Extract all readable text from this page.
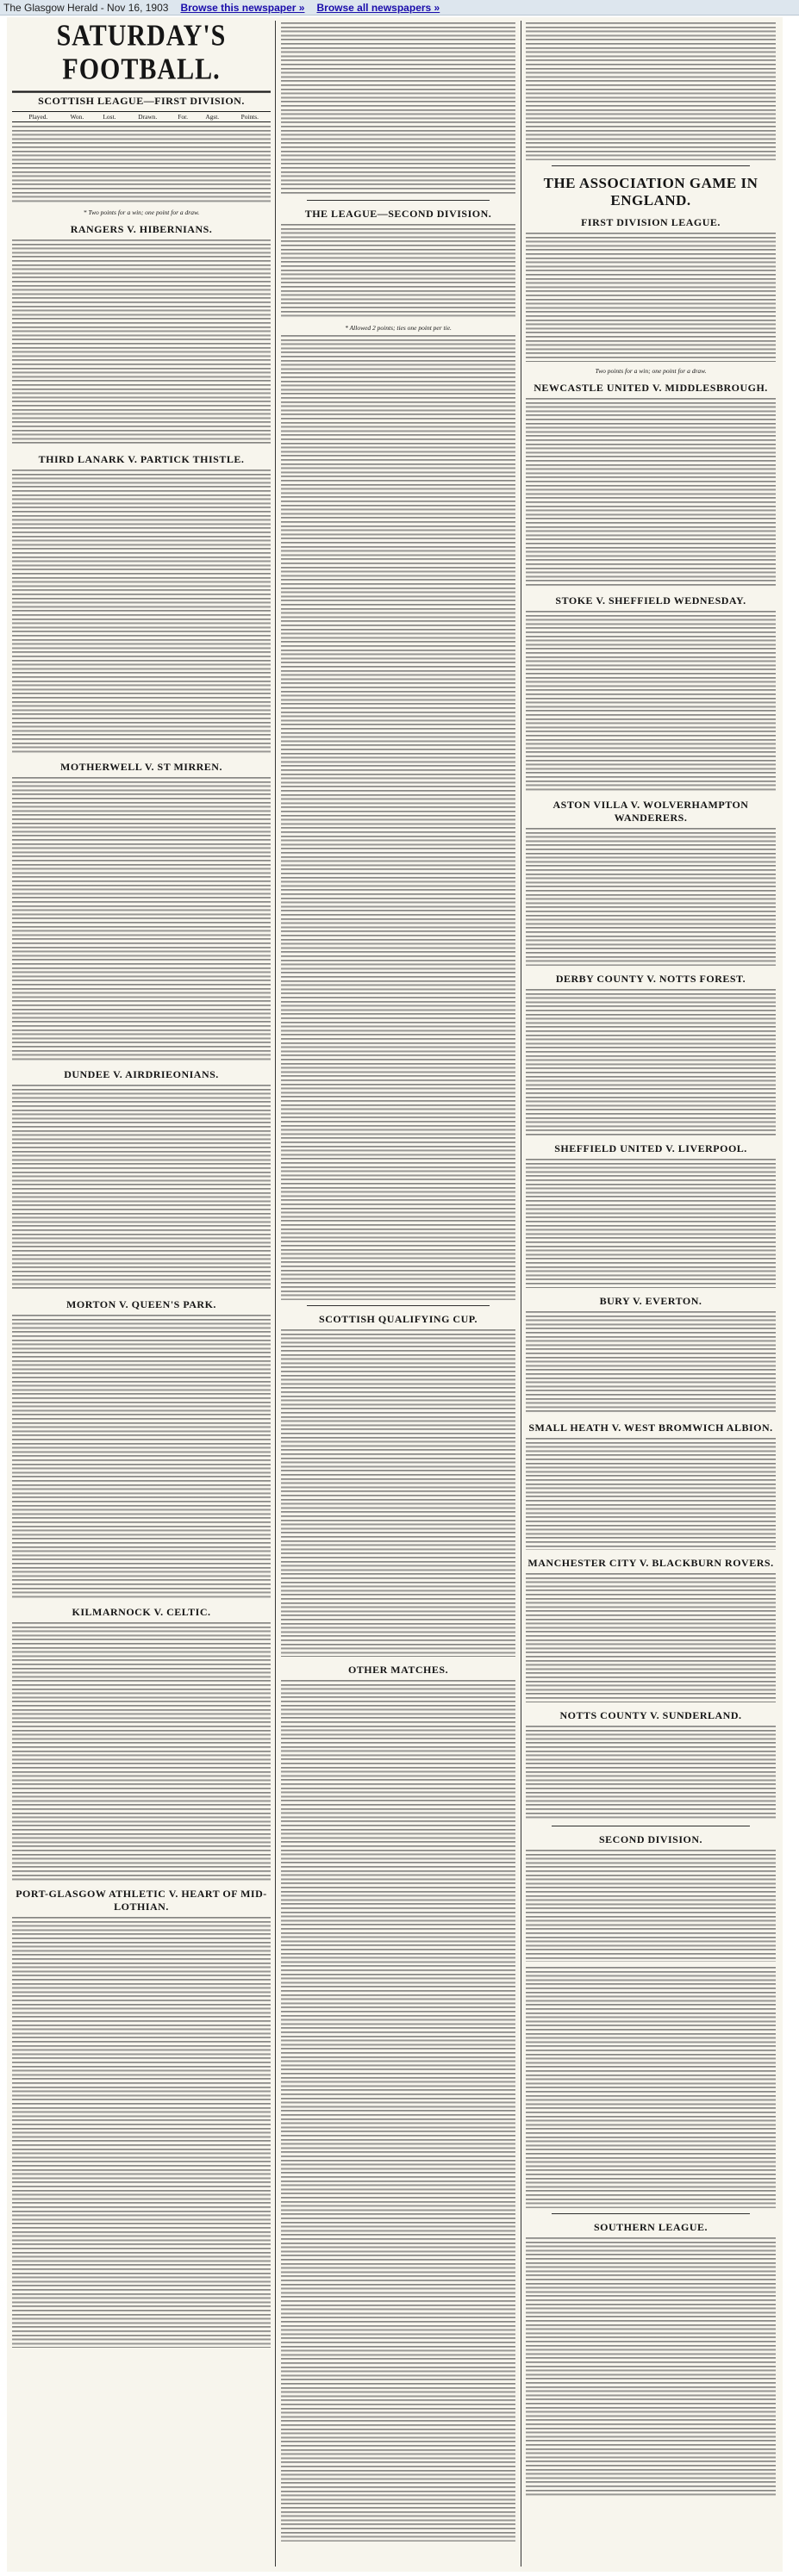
The Glasgow Herald - Nov 16, 1903 Browse this newspaper » Browse all newspapers »
SATURDAY'S FOOTBALL.
SCOTTISH LEAGUE—FIRST DIVISION.
	Played.	Won.	Lost.	Drawn.	For.	Agst.	Points.
* Two points for a win; one point for a draw.
RANGERS V. HIBERNIANS.
THIRD LANARK V. PARTICK THISTLE.
MOTHERWELL V. ST MIRREN.
DUNDEE V. AIRDRIEONIANS.
MORTON V. QUEEN'S PARK.
KILMARNOCK V. CELTIC.
PORT-GLASGOW ATHLETIC V. HEART OF MID-LOTHIAN.
THE LEAGUE—SECOND DIVISION.
* Allowed 2 points; ties one point per tie.
SCOTTISH QUALIFYING CUP.
OTHER MATCHES.
THE ASSOCIATION GAME IN ENGLAND.
FIRST DIVISION LEAGUE.
Two points for a win; one point for a draw.
NEWCASTLE UNITED V. MIDDLESBROUGH.
STOKE V. SHEFFIELD WEDNESDAY.
ASTON VILLA V. WOLVERHAMPTON WANDERERS.
DERBY COUNTY V. NOTTS FOREST.
SHEFFIELD UNITED V. LIVERPOOL.
BURY V. EVERTON.
SMALL HEATH V. WEST BROMWICH ALBION.
MANCHESTER CITY V. BLACKBURN ROVERS.
NOTTS COUNTY V. SUNDERLAND.
SECOND DIVISION.
SOUTHERN LEAGUE.
